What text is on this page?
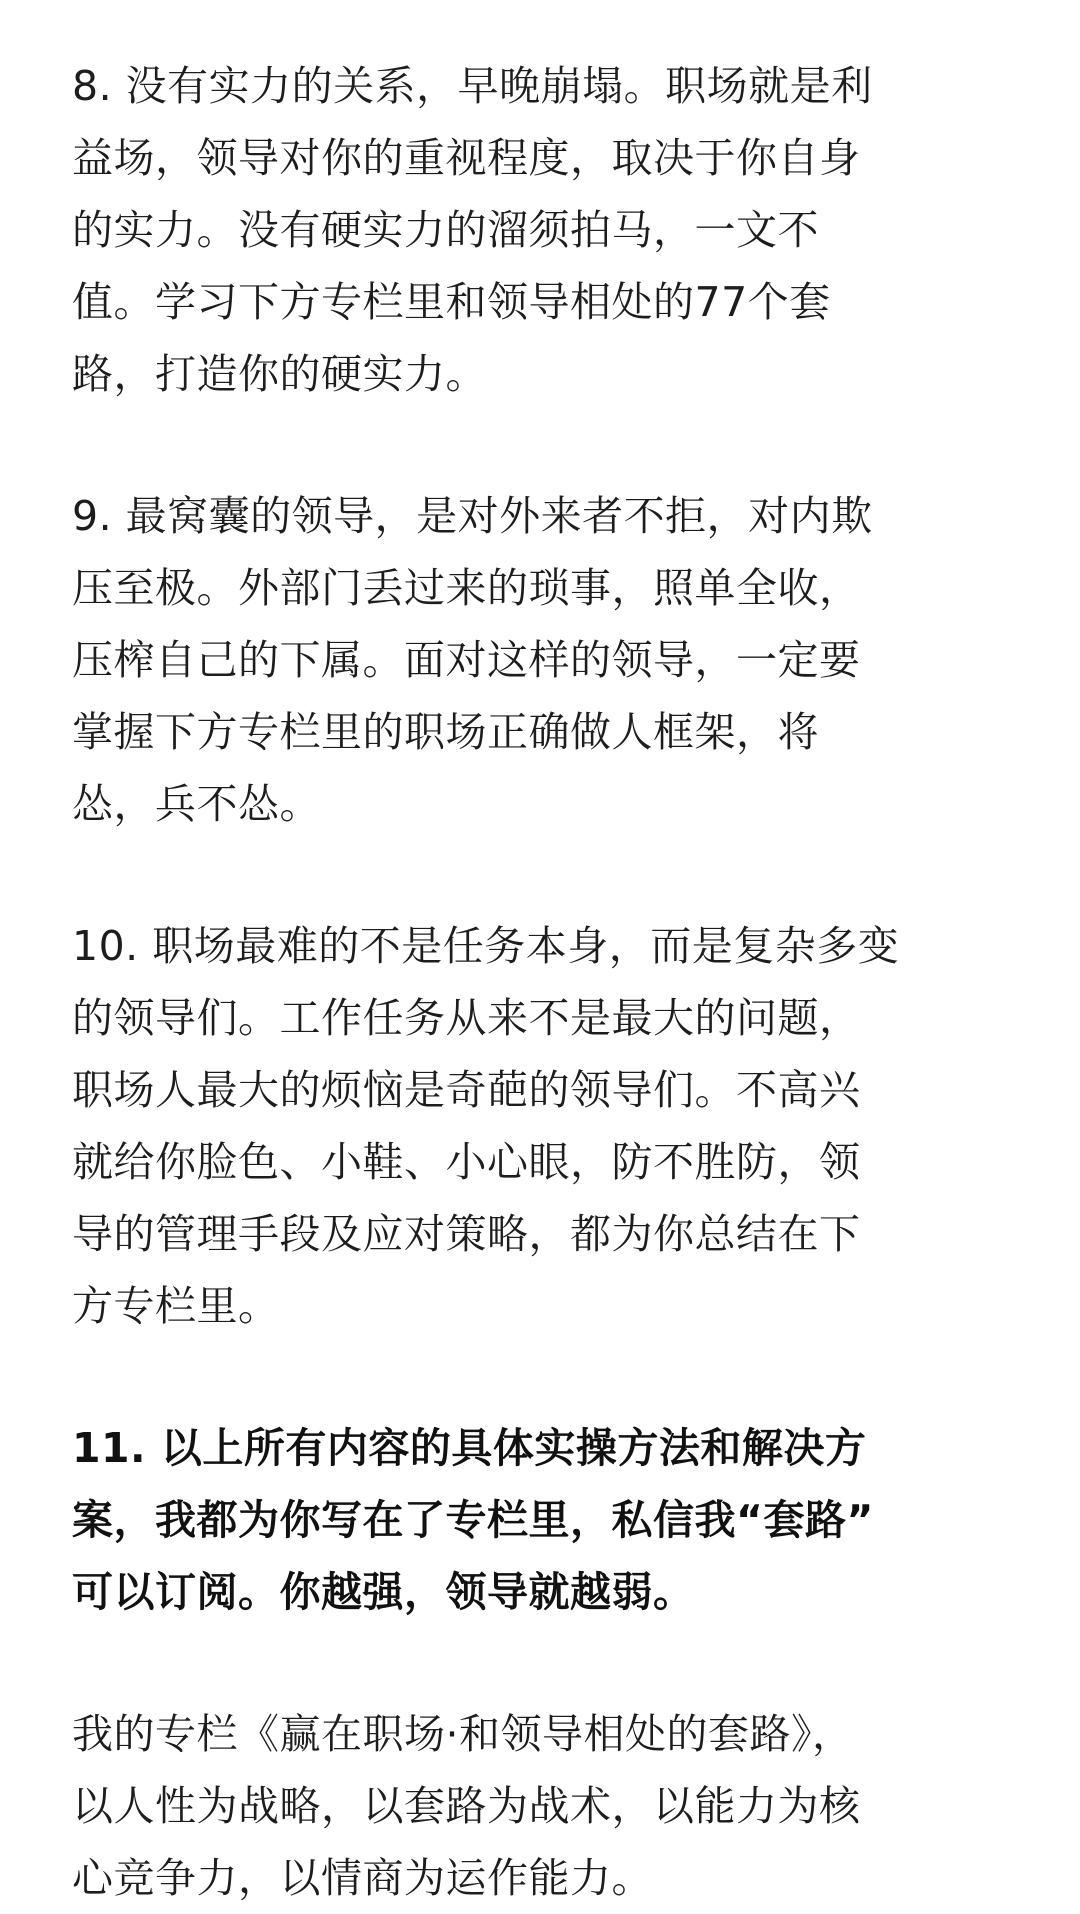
8. 没有实力的关系，早晚崩塌。职场就是利
益场，领导对你的重视程度，取决于你自身
的实力。没有硬实力的溜须拍马，一文不
值。学习下方专栏里和领导相处的77个套
路，打造你的硬实力。

9. 最窝囊的领导，是对外来者不拒，对内欺
压至极。外部门丢过来的琐事，照单全收，
压榨自己的下属。面对这样的领导，一定要
掌握下方专栏里的职场正确做人框架，将
怂，兵不怂。

10. 职场最难的不是任务本身，而是复杂多变
的领导们。工作任务从来不是最大的问题，
职场人最大的烦恼是奇葩的领导们。不高兴
就给你脸色、小鞋、小心眼，防不胜防，领
导的管理手段及应对策略，都为你总结在下
方专栏里。

11. 以上所有内容的具体实操方法和解决方
案，我都为你写在了专栏里，私信我“套路”
可以订阅。你越强，领导就越弱。

我的专栏《赢在职场·和领导相处的套路》，
以人性为战略，以套路为战术，以能力为核
心竞争力，以情商为运作能力。
